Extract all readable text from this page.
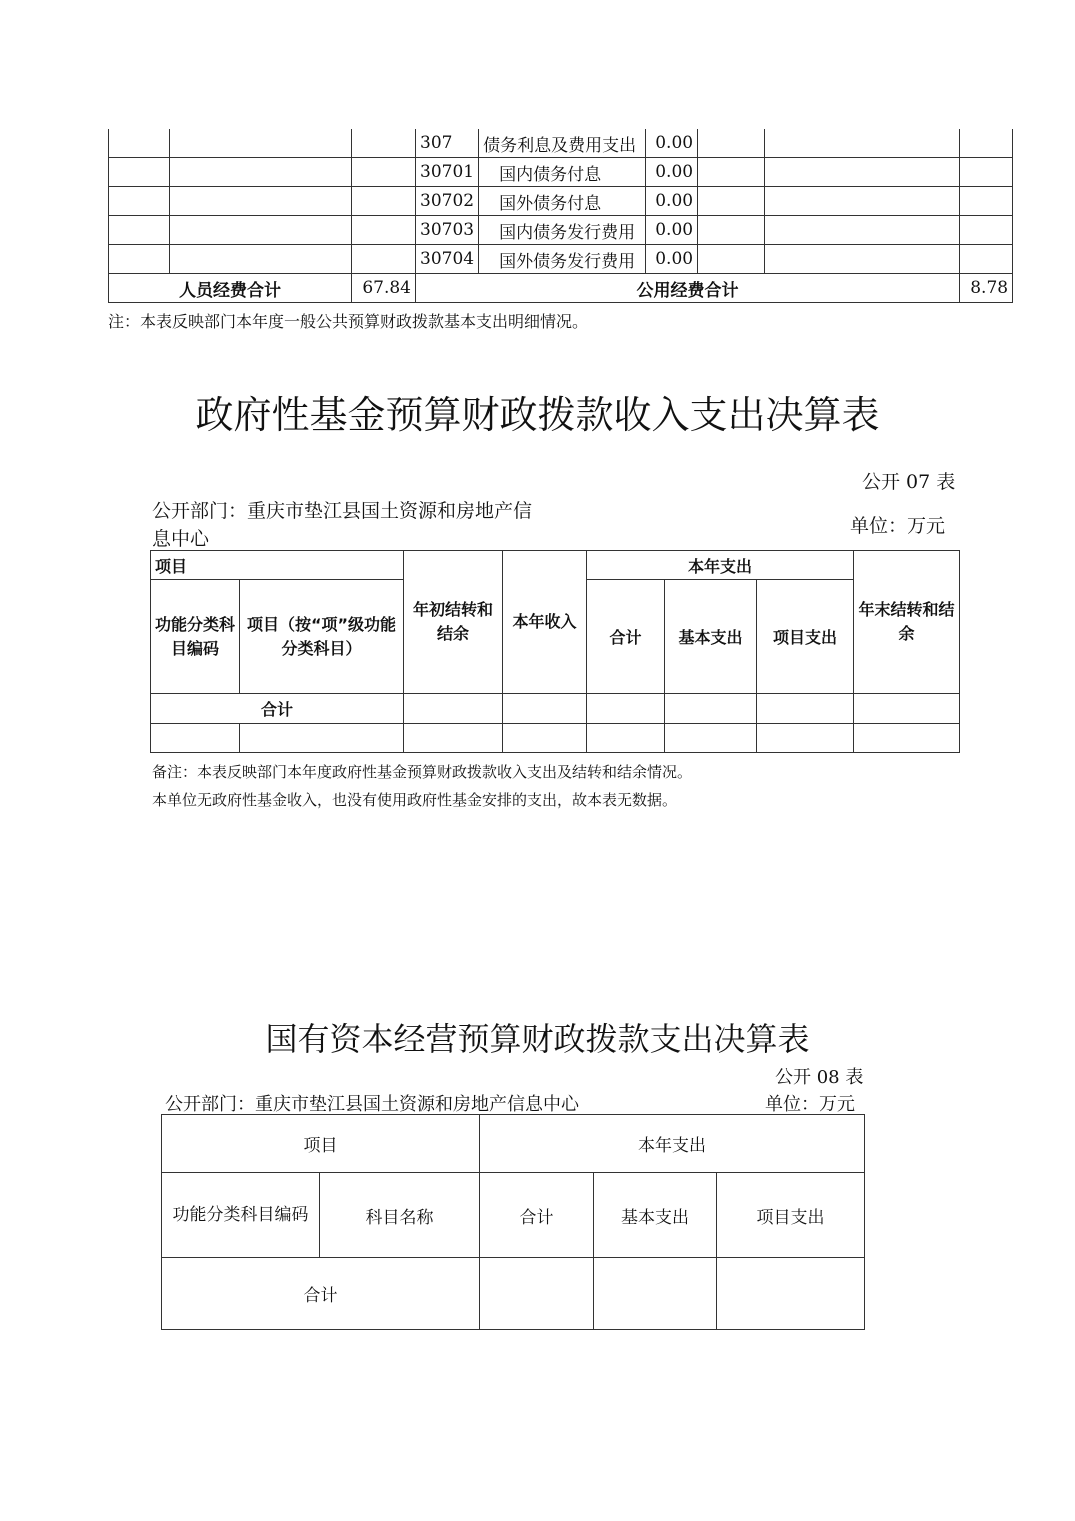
			307	债务利息及费用支出	0.00			
			30701	国内债务付息	0.00			
			30702	国外债务付息	0.00			
			30703	国内债务发行费用	0.00			
			30704	国外债务发行费用	0.00			
人员经费合计		67.84	公用经费合计					8.78
注：本表反映部门本年度一般公共预算财政拨款基本支出明细情况。
政府性基金预算财政拨款收入支出决算表
公开 07 表
公开部门：重庆市垫江县国土资源和房地产信
息中心
单位：万元
项目		年初结转和结余	本年收入	本年支出			年末结转和结余
功能分类科目编码	项目（按“项”级功能分类科目）			合计	基本支出	项目支出	
合计							

备注：本表反映部门本年度政府性基金预算财政拨款收入支出及结转和结余情况。
本单位无政府性基金收入，也没有使用政府性基金安排的支出，故本表无数据。
国有资本经营预算财政拨款支出决算表
公开 08 表
公开部门：重庆市垫江县国土资源和房地产信息中心	单位：万元
项目		本年支出		
功能分类科目编码	科目名称	合计	基本支出	项目支出
合计				
